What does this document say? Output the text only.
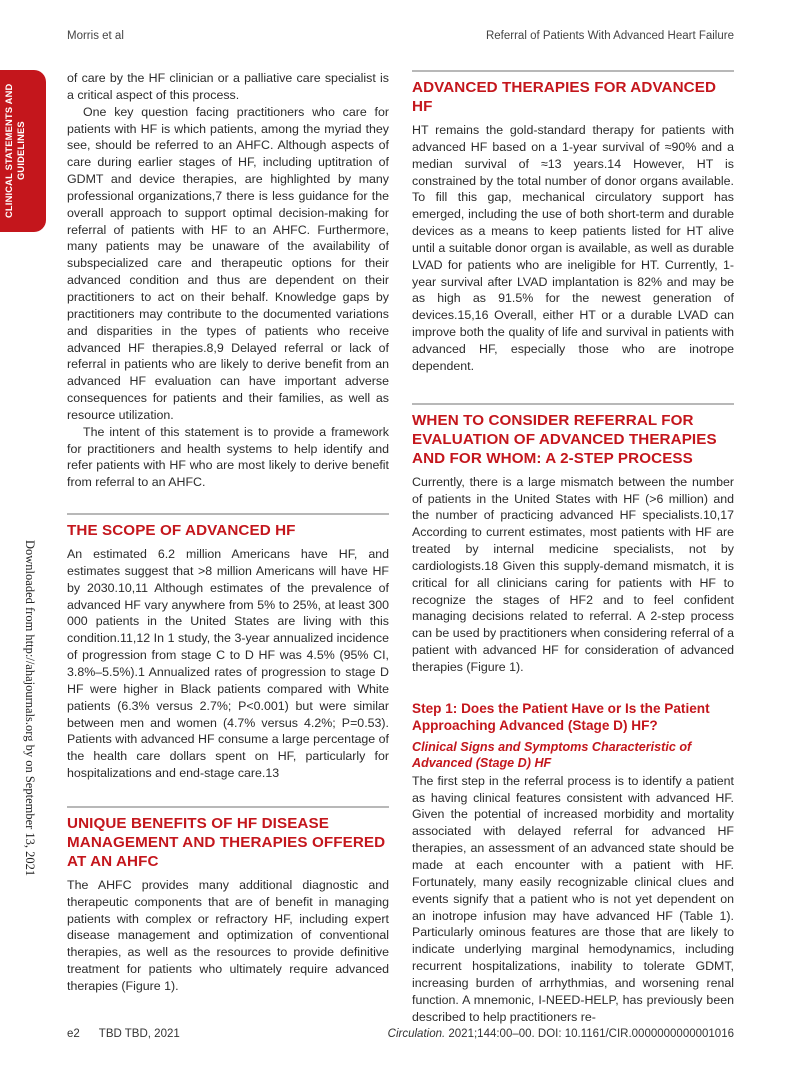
Morris et al	Referral of Patients With Advanced Heart Failure
CLINICAL STATEMENTS AND GUIDELINES
Downloaded from http://ahajournals.org by on September 13, 2021

of care by the HF clinician or a palliative care specialist is a critical aspect of this process.

One key question facing practitioners who care for patients with HF is which patients, among the myriad they see, should be referred to an AHFC. Although aspects of care during earlier stages of HF, including uptitration of GDMT and device therapies, are highlighted by many professional organizations,7 there is less guidance for the overall approach to support optimal decision-making for referral of patients with HF to an AHFC. Furthermore, many patients may be unaware of the availability of subspecialized care and therapeutic options for their advanced condition and thus are dependent on their practitioners to act on their behalf. Knowledge gaps by practitioners may contribute to the documented variations and disparities in the types of patients who receive advanced HF therapies.8,9 Delayed referral or lack of referral in patients who are likely to derive benefit from an advanced HF evaluation can have important adverse consequences for patients and their families, as well as resource utilization.

The intent of this statement is to provide a framework for practitioners and health systems to help identify and refer patients with HF who are most likely to derive benefit from referral to an AHFC.

THE SCOPE OF ADVANCED HF

An estimated 6.2 million Americans have HF, and estimates suggest that >8 million Americans will have HF by 2030.10,11 Although estimates of the prevalence of advanced HF vary anywhere from 5% to 25%, at least 300 000 patients in the United States are living with this condition.11,12 In 1 study, the 3-year annualized incidence of progression from stage C to D HF was 4.5% (95% CI, 3.8%–5.5%).1 Annualized rates of progression to stage D HF were higher in Black patients compared with White patients (6.3% versus 2.7%; P<0.001) but were similar between men and women (4.7% versus 4.2%; P=0.53). Patients with advanced HF consume a large percentage of the health care dollars spent on HF, particularly for hospitalizations and end-stage care.13

UNIQUE BENEFITS OF HF DISEASE MANAGEMENT AND THERAPIES OFFERED AT AN AHFC

The AHFC provides many additional diagnostic and therapeutic components that are of benefit in managing patients with complex or refractory HF, including expert disease management and optimization of conventional therapies, as well as the resources to provide definitive treatment for patients who ultimately require advanced therapies (Figure 1).

ADVANCED THERAPIES FOR ADVANCED HF

HT remains the gold-standard therapy for patients with advanced HF based on a 1-year survival of ≈90% and a median survival of ≈13 years.14 However, HT is constrained by the total number of donor organs available. To fill this gap, mechanical circulatory support has emerged, including the use of both short-term and durable devices as a means to keep patients listed for HT alive until a suitable donor organ is available, as well as durable LVAD for patients who are ineligible for HT. Currently, 1-year survival after LVAD implantation is 82% and may be as high as 91.5% for the newest generation of devices.15,16 Overall, either HT or a durable LVAD can improve both the quality of life and survival in patients with advanced HF, especially those who are inotrope dependent.

WHEN TO CONSIDER REFERRAL FOR EVALUATION OF ADVANCED THERAPIES AND FOR WHOM: A 2-STEP PROCESS

Currently, there is a large mismatch between the number of patients in the United States with HF (>6 million) and the number of practicing advanced HF specialists.10,17 According to current estimates, most patients with HF are treated by internal medicine specialists, not by cardiologists.18 Given this supply-demand mismatch, it is critical for all clinicians caring for patients with HF to recognize the stages of HF2 and to feel confident managing decisions related to referral. A 2-step process can be used by practitioners when considering referral of a patient with advanced HF for consideration of advanced therapies (Figure 1).

Step 1: Does the Patient Have or Is the Patient Approaching Advanced (Stage D) HF?
Clinical Signs and Symptoms Characteristic of Advanced (Stage D) HF

The first step in the referral process is to identify a patient as having clinical features consistent with advanced HF. Given the potential of increased morbidity and mortality associated with delayed referral for advanced HF therapies, an assessment of an advanced state should be made at each encounter with a patient with HF. Fortunately, many easily recognizable clinical clues and events signify that a patient who is not yet dependent on an inotrope infusion may have advanced HF (Table 1). Particularly ominous features are those that are likely to indicate underlying marginal hemodynamics, including recurrent hospitalizations, inability to tolerate GDMT, increasing burden of arrhythmias, and worsening renal function. A mnemonic, I-NEED-HELP, has previously been described to help practitioners re-

e2 TBD TBD, 2021	Circulation. 2021;144:00–00. DOI: 10.1161/CIR.0000000000001016
